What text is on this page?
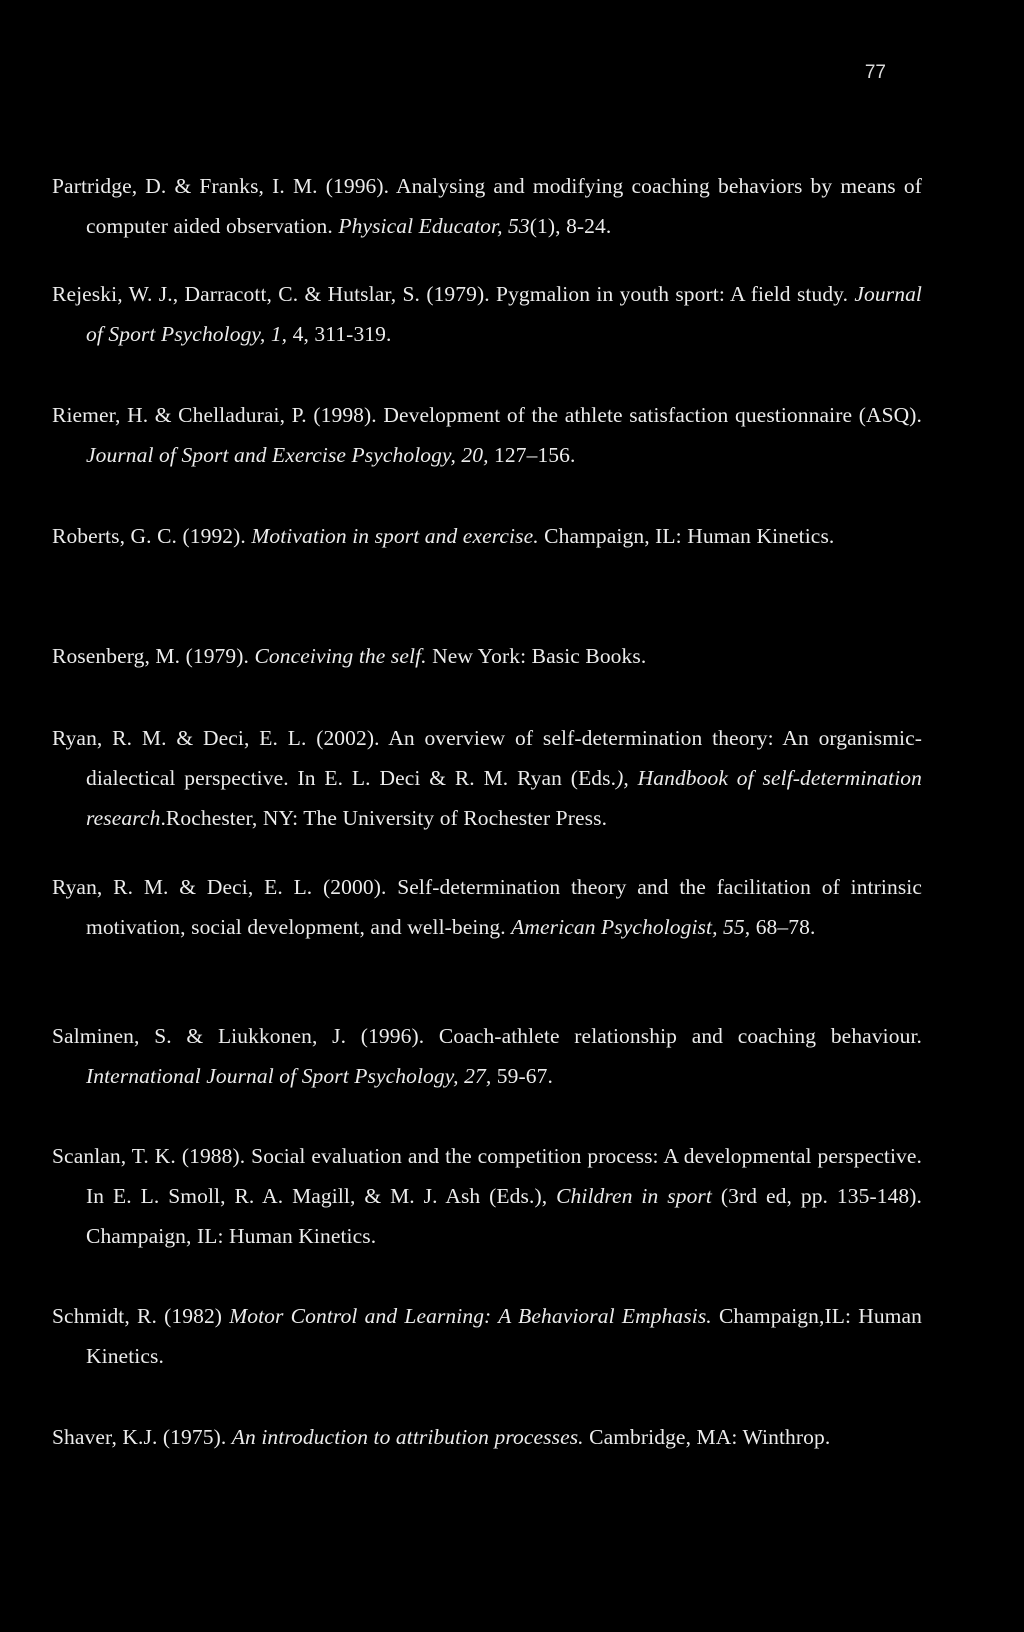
77
Partridge, D. & Franks, I. M. (1996). Analysing and modifying coaching behaviors by means of computer aided observation. Physical Educator, 53(1), 8-24.
Rejeski, W. J., Darracott, C. & Hutslar, S. (1979). Pygmalion in youth sport: A field study. Journal of Sport Psychology, 1, 4, 311-319.
Riemer, H. & Chelladurai, P. (1998). Development of the athlete satisfaction questionnaire (ASQ). Journal of Sport and Exercise Psychology, 20, 127–156.
Roberts, G. C. (1992). Motivation in sport and exercise. Champaign, IL: Human Kinetics.
Rosenberg, M. (1979). Conceiving the self. New York: Basic Books.
Ryan, R. M. & Deci, E. L. (2002). An overview of self-determination theory: An organismic-dialectical perspective. In E. L. Deci & R. M. Ryan (Eds.), Handbook of self-determination research.Rochester, NY: The University of Rochester Press.
Ryan, R. M. & Deci, E. L. (2000). Self-determination theory and the facilitation of intrinsic motivation, social development, and well-being. American Psychologist, 55, 68–78.
Salminen, S. & Liukkonen, J. (1996). Coach-athlete relationship and coaching behaviour. International Journal of Sport Psychology, 27, 59-67.
Scanlan, T. K. (1988). Social evaluation and the competition process: A developmental perspective. In E. L. Smoll, R. A. Magill, & M. J. Ash (Eds.), Children in sport (3rd ed, pp. 135-148). Champaign, IL: Human Kinetics.
Schmidt, R. (1982) Motor Control and Learning: A Behavioral Emphasis. Champaign,IL: Human Kinetics.
Shaver, K.J. (1975). An introduction to attribution processes. Cambridge, MA: Winthrop.
